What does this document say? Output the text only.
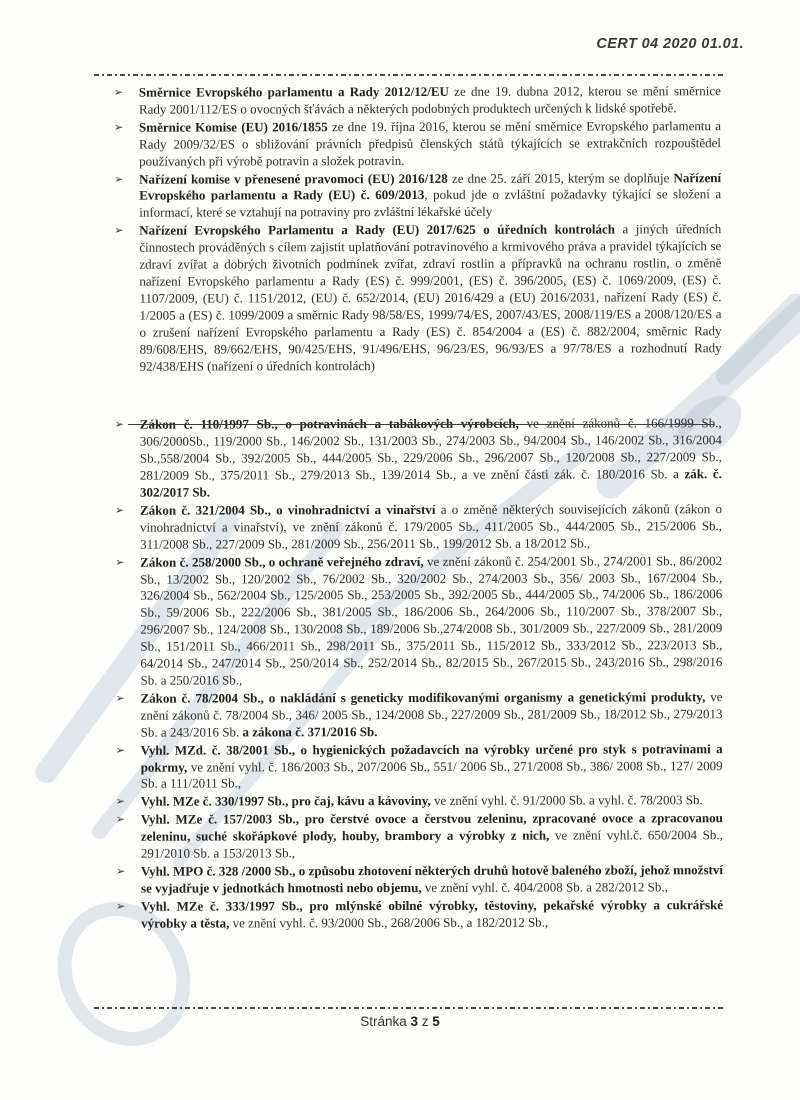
CERT 04 2020 01.01.
➢ Směrnice Evropského parlamentu a Rady 2012/12/EU ze dne 19. dubna 2012, kterou se mění směrnice Rady 2001/112/ES o ovocných šťávách a některých podobných produktech určených k lidské spotřebě.
➢ Směrnice Komise (EU) 2016/1855 ze dne 19. října 2016, kterou se mění směrnice Evropského parlamentu a Rady 2009/32/ES o sbližování právních předpisů členských států týkajících se extrakčních rozpouštědel používaných při výrobě potravin a složek potravin.
➢ Nařízení komise v přenesené pravomoci (EU) 2016/128 ze dne 25. září 2015, kterým se doplňuje Nařízení Evropského parlamentu a Rady (EU) č. 609/2013, pokud jde o zvláštní požadavky týkající se složení a informací, které se vztahují na potraviny pro zvláštní lékařské účely
➢ Nařízení Evropského Parlamentu a Rady (EU) 2017/625 o úředních kontrolách a jiných úředních činnostech prováděných s cílem zajistit uplatňování potravinového a krmivového práva a pravidel týkajících se zdraví zvířat a dobrých životních podmínek zvířat, zdraví rostlin a přípravků na ochranu rostlin, o změně nařízení Evropského parlamentu a Rady (ES) č. 999/2001, (ES) č. 396/2005, (ES) č. 1069/2009, (ES) č. 1107/2009, (EU) č. 1151/2012, (EU) č. 652/2014, (EU) 2016/429 a (EU) 2016/2031, nařízení Rady (ES) č. 1/2005 a (ES) č. 1099/2009 a směrnic Rady 98/58/ES, 1999/74/ES, 2007/43/ES, 2008/119/ES a 2008/120/ES a o zrušení nařízení Evropského parlamentu a Rady (ES) č. 854/2004 a (ES) č. 882/2004, směrnic Rady 89/608/EHS, 89/662/EHS, 90/425/EHS, 91/496/EHS, 96/23/ES, 96/93/ES a 97/78/ES a rozhodnutí Rady 92/438/EHS (nařízení o úředních kontrolách)
➢ Zákon č. 110/1997 Sb., o potravinách a tabákových výrobcích, ve znění zákonů č. 166/1999 Sb., 306/2000Sb., 119/2000 Sb., 146/2002 Sb., 131/2003 Sb., 274/2003 Sb., 94/2004 Sb., 146/2002 Sb., 316/2004 Sb.,558/2004 Sb., 392/2005 Sb., 444/2005 Sb., 229/2006 Sb., 296/2007 Sb., 120/2008 Sb., 227/2009 Sb., 281/2009 Sb., 375/2011 Sb., 279/2013 Sb., 139/2014 Sb., a ve znění části zák. č. 180/2016 Sb. a zák. č. 302/2017 Sb.
➢ Zákon č. 321/2004 Sb., o vinohradnictví a vinařství a o změně některých souvisejících zákonů (zákon o vinohradnictví a vinařství), ve znění zákonů č. 179/2005 Sb., 411/2005 Sb., 444/2005 Sb., 215/2006 Sb., 311/2008 Sb., 227/2009 Sb., 281/2009 Sb., 256/2011 Sb., 199/2012 Sb. a 18/2012 Sb.,
➢ Zákon č. 258/2000 Sb., o ochraně veřejného zdraví, ve znění zákonů č. 254/2001 Sb., 274/2001 Sb., 86/2002 Sb., 13/2002 Sb., 120/2002 Sb., 76/2002 Sb., 320/2002 Sb., 274/2003 Sb., 356/ 2003 Sb., 167/2004 Sb., 326/2004 Sb., 562/2004 Sb., 125/2005 Sb., 253/2005 Sb., 392/2005 Sb., 444/2005 Sb., 74/2006 Sb., 186/2006 Sb., 59/2006 Sb., 222/2006 Sb., 381/2005 Sb., 186/2006 Sb., 264/2006 Sb., 110/2007 Sb., 378/2007 Sb., 296/2007 Sb., 124/2008 Sb., 130/2008 Sb., 189/2006 Sb.,274/2008 Sb., 301/2009 Sb., 227/2009 Sb., 281/2009 Sb., 151/2011 Sb., 466/2011 Sb., 298/2011 Sb., 375/2011 Sb., 115/2012 Sb., 333/2012 Sb., 223/2013 Sb., 64/2014 Sb., 247/2014 Sb., 250/2014 Sb., 252/2014 Sb., 82/2015 Sb., 267/2015 Sb., 243/2016 Sb., 298/2016 Sb. a 250/2016 Sb.,
➢ Zákon č. 78/2004 Sb., o nakládání s geneticky modifikovanými organismy a genetickými produkty, ve znění zákonů č. 78/2004 Sb., 346/ 2005 Sb., 124/2008 Sb., 227/2009 Sb., 281/2009 Sb., 18/2012 Sb., 279/2013 Sb. a 243/2016 Sb. a zákona č. 371/2016 Sb.
➢ Vyhl. MZd. č. 38/2001 Sb., o hygienických požadavcích na výrobky určené pro styk s potravinami a pokrmy, ve znění vyhl. č. 186/2003 Sb., 207/2006 Sb., 551/ 2006 Sb., 271/2008 Sb., 386/ 2008 Sb., 127/ 2009 Sb. a 111/2011 Sb.,
➢ Vyhl. MZe č. 330/1997 Sb., pro čaj, kávu a kávoviny, ve znění vyhl. č. 91/2000 Sb. a vyhl. č. 78/2003 Sb.
➢ Vyhl. MZe č. 157/2003 Sb., pro čerstvé ovoce a čerstvou zeleninu, zpracované ovoce a zpracovanou zeleninu, suché skořápkové plody, houby, brambory a výrobky z nich, ve znění vyhl.č. 650/2004 Sb., 291/2010 Sb. a 153/2013 Sb.,
➢ Vyhl. MPO č. 328 /2000 Sb., o způsobu zhotovení některých druhů hotově baleného zboží, jehož množství se vyjadřuje v jednotkách hmotnosti nebo objemu, ve znění vyhl. č. 404/2008 Sb. a 282/2012 Sb.,
➢ Vyhl. MZe č. 333/1997 Sb., pro mlýnské obilné výrobky, těstoviny, pekařské výrobky a cukrářské výrobky a těsta, ve znění vyhl. č. 93/2000 Sb., 268/2006 Sb., a 182/2012 Sb.,
Stránka 3 z 5
